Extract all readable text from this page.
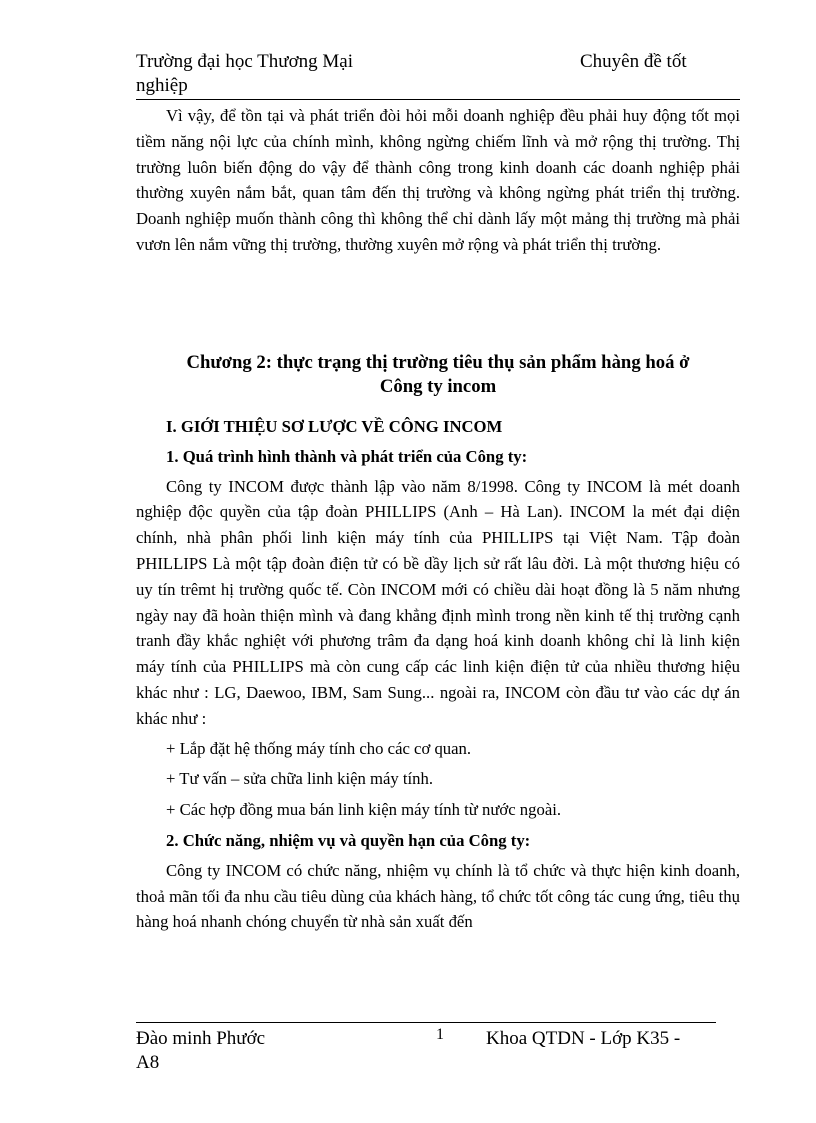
Trường đại học Thương Mại	Chuyên đề tốt
nghiệp

Vì vậy, để tồn tại và phát triển đòi hỏi mỗi doanh nghiệp đều phải huy động tốt mọi tiềm năng nội lực của chính mình, không ngừng chiếm lĩnh và mở rộng thị trường. Thị trường luôn biến động do vậy để thành công trong kinh doanh các doanh nghiệp phải thường xuyên nắm bắt, quan tâm đến thị trường và không ngừng phát triển thị trường. Doanh nghiệp muốn thành công thì không thể chỉ dành lấy một mảng thị trường mà phải vươn lên nắm vững thị trường, thường xuyên mở rộng và phát triển thị trường.

Chương 2: thực trạng thị trường tiêu thụ sản phẩm hàng hoá ở
Công ty incom

I. GIỚI THIỆU SƠ LƯỢC VỀ CÔNG INCOM

1. Quá trình hình thành và phát triển của Công ty:

Công ty INCOM được thành lập vào năm 8/1998. Công ty INCOM là mét doanh nghiệp độc quyền của tập đoàn PHILLIPS (Anh – Hà Lan). INCOM la mét đại diện chính, nhà phân phối linh kiện máy tính của PHILLIPS tại Việt Nam. Tập đoàn PHILLIPS Là một tập đoàn điện tử có bề dầy lịch sử rất lâu đời. Là một thương hiệu có uy tín trêmt hị trường quốc tế. Còn INCOM mới có chiều dài hoạt đồng là 5 năm nhưng ngày nay đã hoàn thiện mình và đang khẳng định mình trong nền kinh tế thị trường cạnh tranh đầy khắc nghiệt với phương trâm đa dạng hoá kinh doanh không chỉ là linh kiện máy tính của PHILLIPS mà còn cung cấp các linh kiện điện tử của nhiều thương hiệu khác như : LG, Daewoo, IBM, Sam Sung... ngoài ra, INCOM còn đầu tư vào các dự án khác như :

+ Lắp đặt hệ thống máy tính cho các cơ quan.

+ Tư vấn – sửa chữa linh kiện máy tính.

+ Các hợp đồng mua bán linh kiện máy tính từ nước ngoài.

2. Chức năng, nhiệm vụ và quyền hạn của Công ty:

Công ty INCOM có chức năng, nhiệm vụ chính là tổ chức và thực hiện kinh doanh, thoả mãn tối đa nhu cầu tiêu dùng của khách hàng, tổ chức tốt công tác cung ứng, tiêu thụ hàng hoá nhanh chóng chuyển từ nhà sản xuất đến

Đào minh Phước	1 Khoa QTDN - Lớp K35 -
A8
